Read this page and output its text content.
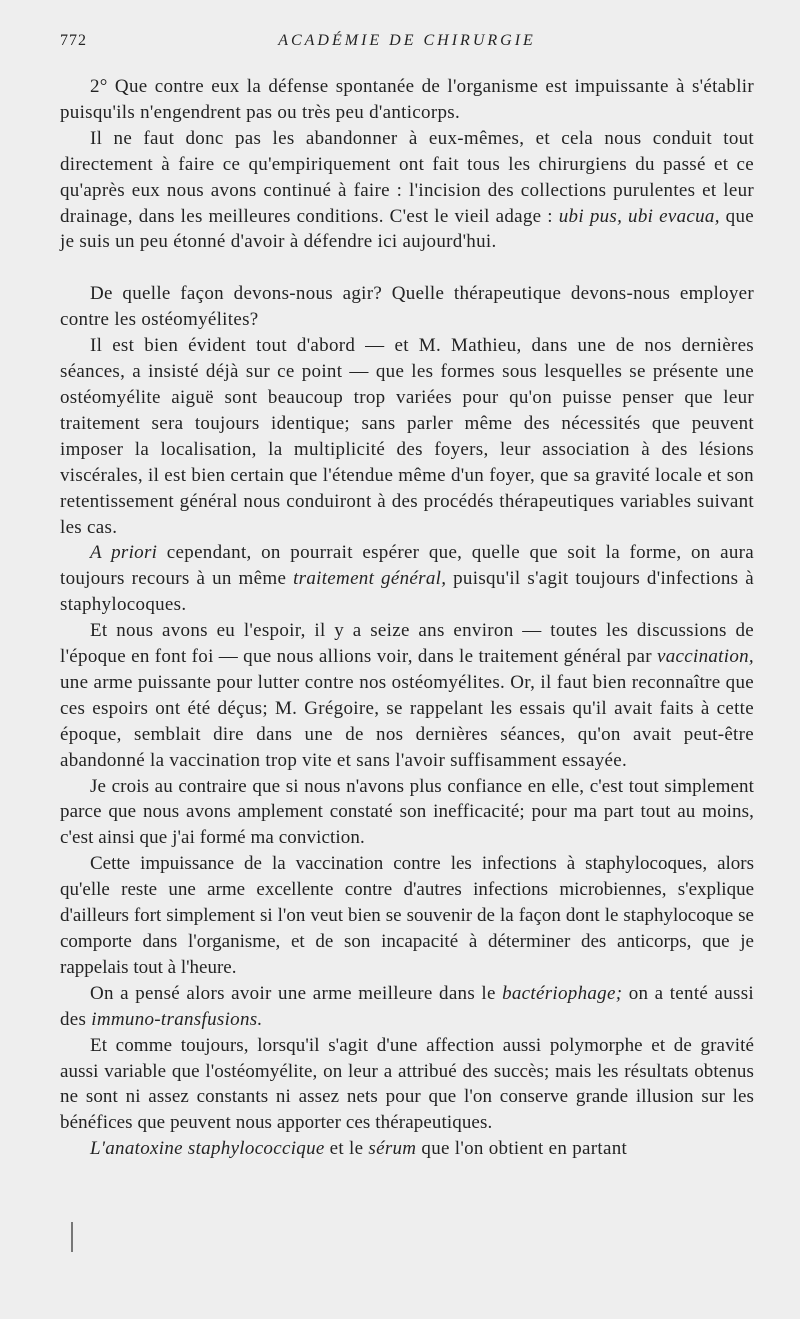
772	ACADÉMIE DE CHIRURGIE

2° Que contre eux la défense spontanée de l'organisme est impuissante à s'établir puisqu'ils n'engendrent pas ou très peu d'anticorps.

Il ne faut donc pas les abandonner à eux-mêmes, et cela nous conduit tout directement à faire ce qu'empiriquement ont fait tous les chirurgiens du passé et ce qu'après eux nous avons continué à faire : l'incision des collections purulentes et leur drainage, dans les meilleures conditions. C'est le vieil adage : ubi pus, ubi evacua, que je suis un peu étonné d'avoir à défendre ici aujourd'hui.

De quelle façon devons-nous agir? Quelle thérapeutique devons-nous employer contre les ostéomyélites?

Il est bien évident tout d'abord — et M. Mathieu, dans une de nos dernières séances, a insisté déjà sur ce point — que les formes sous lesquelles se présente une ostéomyélite aiguë sont beaucoup trop variées pour qu'on puisse penser que leur traitement sera toujours identique; sans parler même des nécessités que peuvent imposer la localisation, la multiplicité des foyers, leur association à des lésions viscérales, il est bien certain que l'étendue même d'un foyer, que sa gravité locale et son retentissement général nous conduiront à des procédés thérapeutiques variables suivant les cas.

A priori cependant, on pourrait espérer que, quelle que soit la forme, on aura toujours recours à un même traitement général, puisqu'il s'agit toujours d'infections à staphylocoques.

Et nous avons eu l'espoir, il y a seize ans environ — toutes les discussions de l'époque en font foi — que nous allions voir, dans le traitement général par vaccination, une arme puissante pour lutter contre nos ostéomyélites. Or, il faut bien reconnaître que ces espoirs ont été déçus; M. Grégoire, se rappelant les essais qu'il avait faits à cette époque, semblait dire dans une de nos dernières séances, qu'on avait peut-être abandonné la vaccination trop vite et sans l'avoir suffisamment essayée.

Je crois au contraire que si nous n'avons plus confiance en elle, c'est tout simplement parce que nous avons amplement constaté son inefficacité; pour ma part tout au moins, c'est ainsi que j'ai formé ma conviction.

Cette impuissance de la vaccination contre les infections à staphylocoques, alors qu'elle reste une arme excellente contre d'autres infections microbiennes, s'explique d'ailleurs fort simplement si l'on veut bien se souvenir de la façon dont le staphylocoque se comporte dans l'organisme, et de son incapacité à déterminer des anticorps, que je rappelais tout à l'heure.

On a pensé alors avoir une arme meilleure dans le bactériophage; on a tenté aussi des immuno-transfusions.

Et comme toujours, lorsqu'il s'agit d'une affection aussi polymorphe et de gravité aussi variable que l'ostéomyélite, on leur a attribué des succès; mais les résultats obtenus ne sont ni assez constants ni assez nets pour que l'on conserve grande illusion sur les bénéfices que peuvent nous apporter ces thérapeutiques.

L'anatoxine staphylococcique et le sérum que l'on obtient en partant
